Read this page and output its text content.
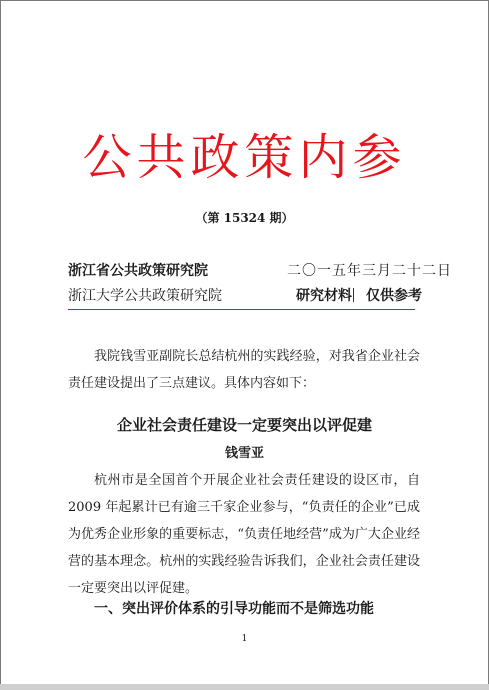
公共政策内参
（第 15324 期）
浙江省公共政策研究院	二〇一五年三月二十二日
浙江大学公共政策研究院	研究材料 仅供参考

我院钱雪亚副院长总结杭州的实践经验，对我省企业社会责任建设提出了三点建议。具体内容如下：

企业社会责任建设一定要突出以评促建
钱雪亚

杭州市是全国首个开展企业社会责任建设的设区市，自2009 年起累计已有逾三千家企业参与，“负责任的企业”已成为优秀企业形象的重要标志，“负责任地经营”成为广大企业经营的基本理念。杭州的实践经验告诉我们，企业社会责任建设一定要突出以评促建。

一、突出评价体系的引导功能而不是筛选功能
1
